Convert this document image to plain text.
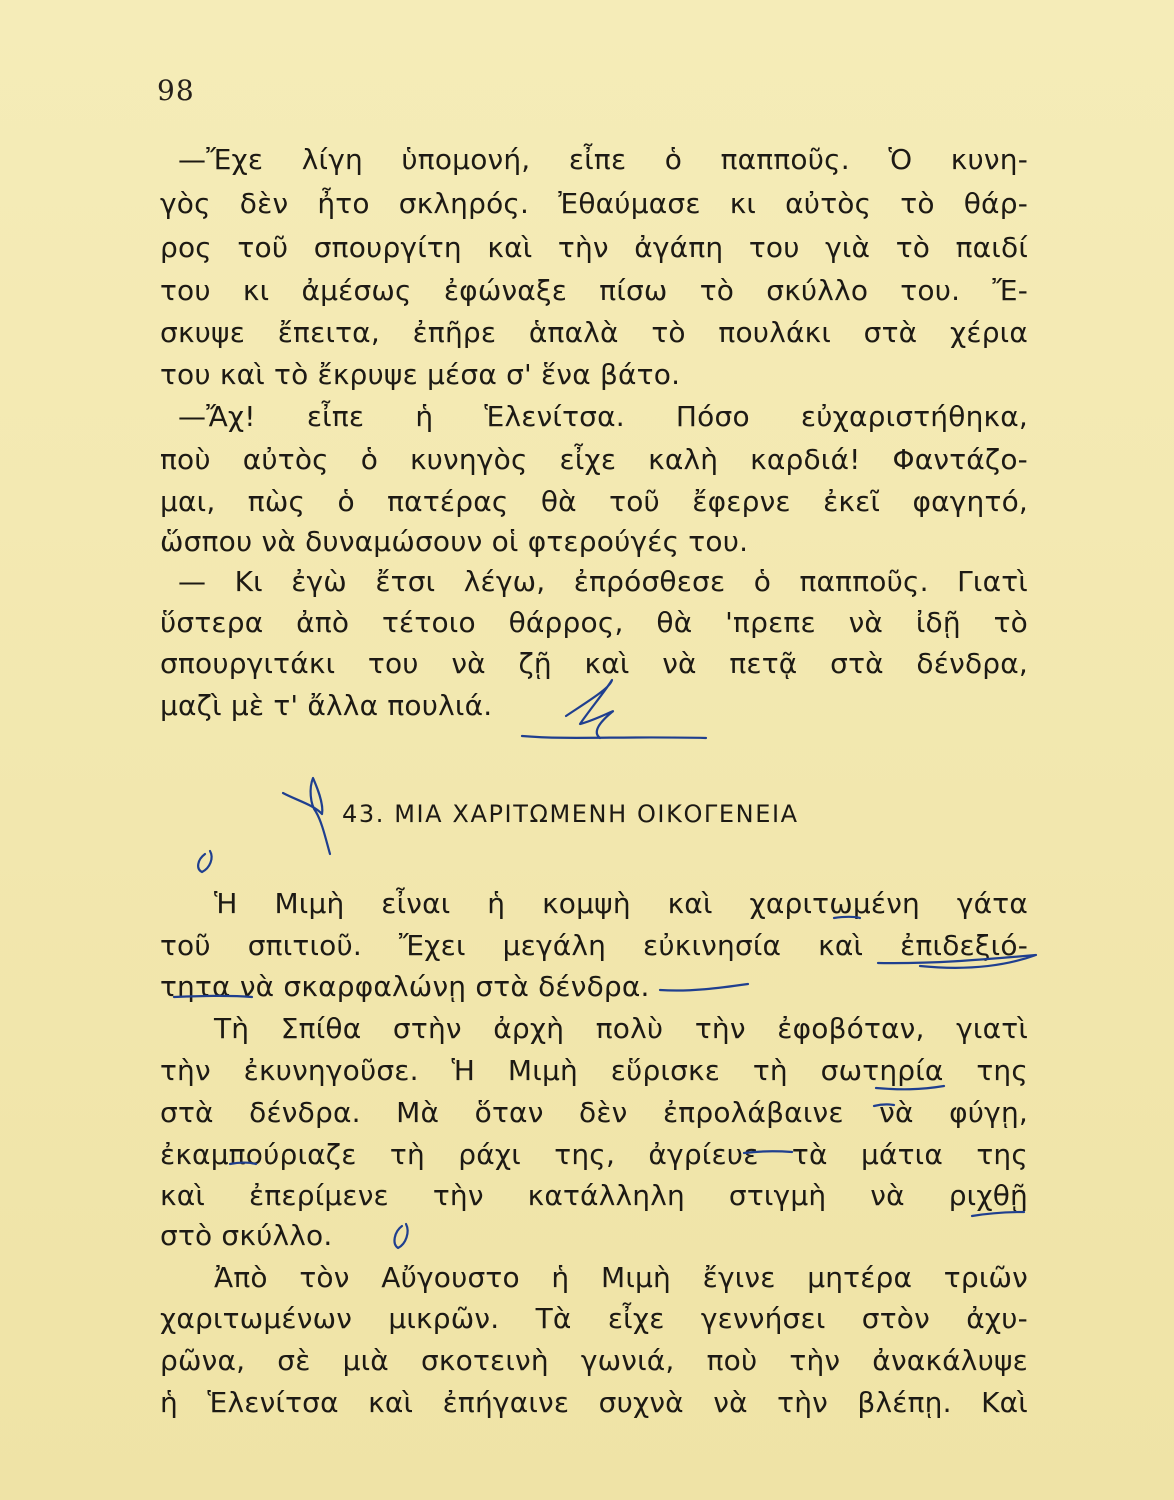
98
—Ἔχε λίγη ὑπομονή, εἶπε ὁ παπποῦς. Ὁ κυνη-
γὸς δὲν ἦτο σκληρός. Ἐθαύμασε κι αὐτὸς τὸ θάρ-
ρος τοῦ σπουργίτη καὶ τὴν ἀγάπη του γιὰ τὸ παιδί
του κι ἀμέσως ἐφώναξε πίσω τὸ σκύλλο του. Ἔ-
σκυψε ἔπειτα, ἐπῆρε ἁπαλὰ τὸ πουλάκι στὰ χέρια
του καὶ τὸ ἔκρυψε μέσα σ' ἕνα βάτο.
—Ἄχ! εἶπε ἡ Ἑλενίτσα. Πόσο εὐχαριστήθηκα,
ποὺ αὐτὸς ὁ κυνηγὸς εἶχε καλὴ καρδιά! Φαντάζο-
μαι, πὼς ὁ πατέρας θὰ τοῦ ἔφερνε ἐκεῖ φαγητό,
ὥσπου νὰ δυναμώσουν οἱ φτερούγές του.
— Κι ἐγὼ ἔτσι λέγω, ἐπρόσθεσε ὁ παπποῦς. Γιατὶ
ὕστερα ἀπὸ τέτοιο θάρρος, θὰ 'πρεπε νὰ ἰδῇ τὸ
σπουργιτάκι του νὰ ζῇ καὶ νὰ πετᾷ στὰ δένδρα,
μαζὶ μὲ τ' ἄλλα πουλιά.
43. ΜΙΑ ΧΑΡΙΤΩΜΕΝΗ ΟΙΚΟΓΕΝΕΙΑ
Ἡ Μιμὴ εἶναι ἡ κομψὴ καὶ χαριτωμένη γάτα
τοῦ σπιτιοῦ. Ἔχει μεγάλη εὐκινησία καὶ ἐπιδεξιό-
τητα νὰ σκαρφαλώνῃ στὰ δένδρα.
Τὴ Σπίθα στὴν ἀρχὴ πολὺ τὴν ἐφοβόταν, γιατὶ
τὴν ἐκυνηγοῦσε. Ἡ Μιμὴ εὕρισκε τὴ σωτηρία της
στὰ δένδρα. Μὰ ὅταν δὲν ἐπρολάβαινε νὰ φύγῃ,
ἐκαμπούριαζε τὴ ράχι της, ἀγρίευε τὰ μάτια της
καὶ ἐπερίμενε τὴν κατάλληλη στιγμὴ νὰ ριχθῇ
στὸ σκύλλο.
Ἀπὸ τὸν Αὔγουστο ἡ Μιμὴ ἔγινε μητέρα τριῶν
χαριτωμένων μικρῶν. Τὰ εἶχε γεννήσει στὸν ἀχυ-
ρῶνα, σὲ μιὰ σκοτεινὴ γωνιά, ποὺ τὴν ἀνακάλυψε
ἡ Ἑλενίτσα καὶ ἐπήγαινε συχνὰ νὰ τὴν βλέπῃ. Καὶ
